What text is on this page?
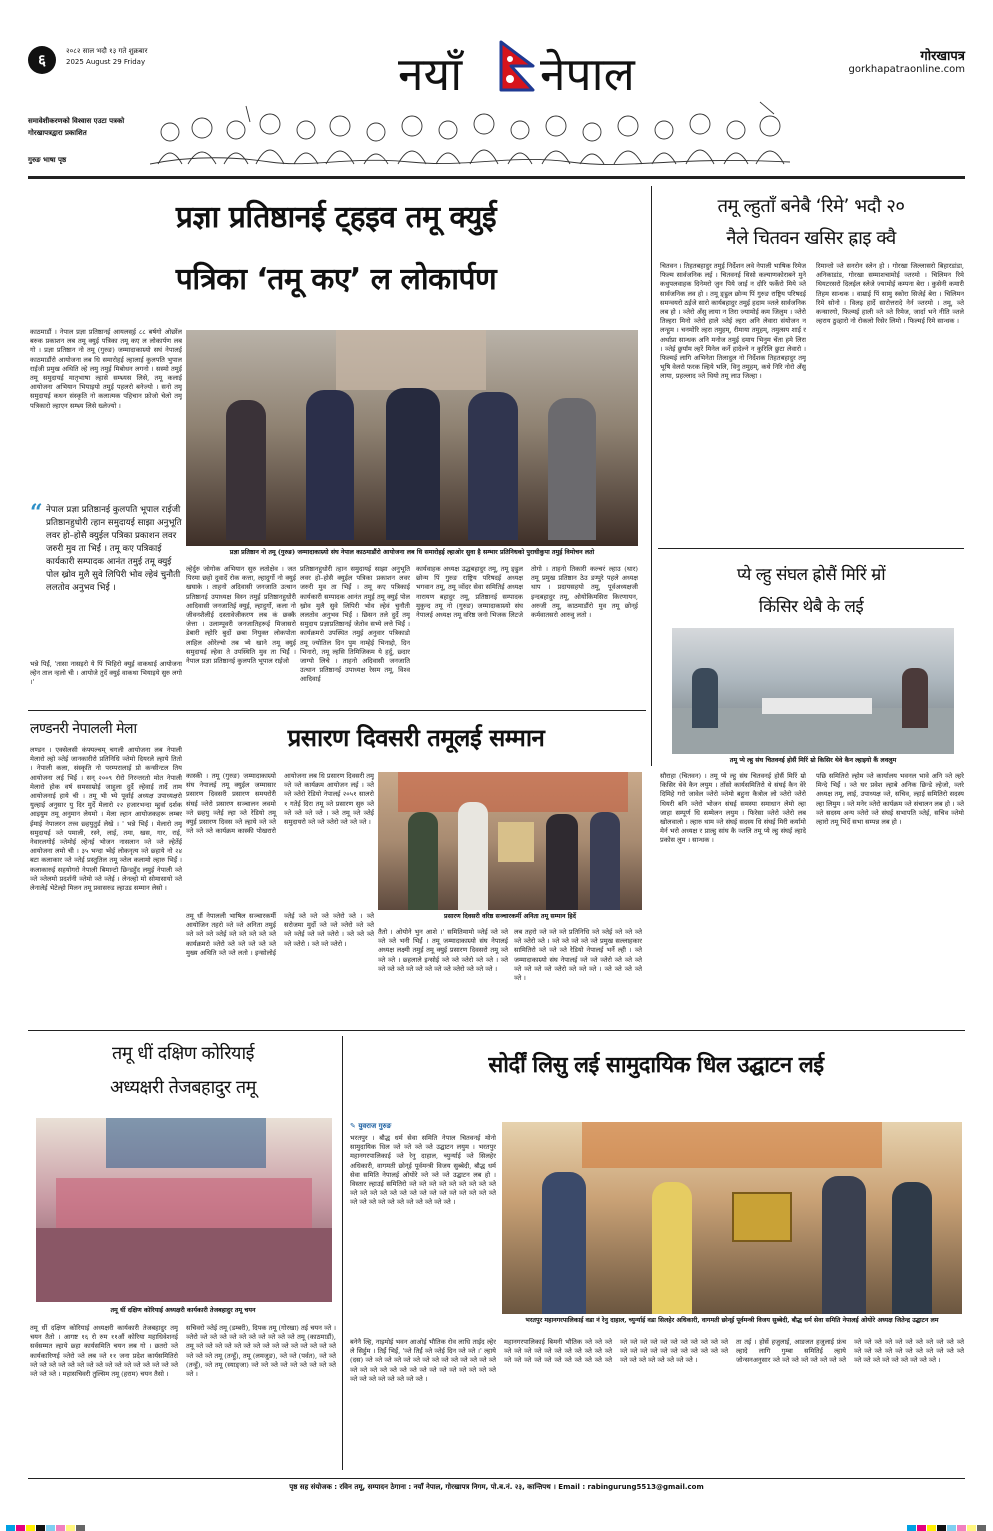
६	२०८२ साल भदौ १३ गते शुक्रबार
2025 August 29 Friday	नयाँ नेपाल	गोरखापत्र
gorkhapatraonline.com
समावेशीकरणको विश्वास एउटा पत्रको
गोरखापत्रद्वारा प्रकाशित
गुरुङ भाषा पृष्ठ
प्रज्ञा प्रतिष्ठानई ट्हइव तमू क्युई
पत्रिका ‘तमू कए’ ल लोकार्पण
काठमाडौं । नेपाल प्रज्ञा प्रतिष्ठानई आयलस्ई ८८ बर्षगो ओछोंल बरुक प्रकाशन लब तमू क्युई पत्रिका तमू कए ल लोकार्पण लब गो । प्रज्ञा प्रतिष्ठान नो तमू (गुरुङ) जम्मादाकाम्र्यो सघं नेपालई काठमाडौंरो आयोजना लब धि समारोहई ल्हालाई कुलपति भुपाल राईजी प्रमुख अथिति ल्हे लमु तमुई मिबोधन लगनो । सस्मो तमुई तमू समुदायई मातृभाषा ल्हासे सम्भ्र्यस लिसे, तमू कलाई आयोजना अभियान भियाइयो तमुई पहलरो बनेज्यो । सनो तमू समुदायई कथन संस्कृति नो कलात्मक पहिचान फ्रोजो चेलो तमू पत्रिकारो ल्हाएन सम्भ्र्य लिसे ख्लेज्यो ।
“ नेपाल प्रज्ञा प्रतिष्ठानई कुलपति भूपाल राईजी प्रतिष्ठानहुधोरी त्हान समुदायई साझा अनुभूति लवर हो–होसै क्युईल पत्रिका प्रकाशन लवर जरुरी मुव ता भिर्ई । तमू कए पत्रिकाई कार्यकारी सम्पादक आनंत तमुई तमू क्युई पोल ख्रोव मुलै सुवे लिपिरी भोव ल्हेवं चुनौती ललतोव अनुभव भिर्ई ।
भन्ने पिर्ई, 'तासा नासइरो ये पिं भिहिरो क्युई वाकथाई आयोजना ल्हेन ताल न्हलो ची । आयोजे तुर्दे क्युई वाकथा भियाइये सुरु लगो ।'
प्रज्ञा प्रतिष्ठान नो तमू (गुरुङ) जम्मादाकाम्र्यो संघ नेपाल काठमाडौंरो आयोजना लब धि समारोहई ल्हाओर सुवा है सम्भार प्रतिनिधको पुराधीकुपा तमुई विमोचन लतो
ल्हेर्दुरु जोगोक अभियान सुरु लतोक्षेव । जत पिरमा छहो दुवार्दे रोक कत्ता, ल्हादुर्गो नो क्युई खघाके । ताहनो अदिवासी जनजाति उत्थान प्रतिष्ठानई उपाध्यक्ष विस्न तमुई प्रतिष्ठानहुधोरी आदिवासी जनजातिई क्युई, ल्हादुर्गो, कला नो जीवनशैलीई दस्तावेजीकरण लब कं छक्कै जेत्ता । उलाम्पूवरी जनजातिहरूई मिजासरो डेबारी ल्होरि बुर्दो छबा नियुक्त लोकपोता लाहिल ओरेल्चो तब भ्ये खाने तमू क्युई समुदायई ल्हेवा ते उपस्थिति मुव ता भिर्ई । नेपाल प्रज्ञा प्रतिष्ठानई कुलपति भूपाल राईजो
प्रतिष्ठानहुधोरी त्हान समुदायई साझा अनुभूति लवर हो–होसै क्युईल पत्रिका प्रकाशन लवर जरुरी मुव ता भिर्ई । तमू कए पत्रिकाई कार्यकारी सम्पादक आनंत तमुई तमू क्युई पोल ख्रोव मुलै सुवे लिपिरी भोव ल्हेवं चुनौती ललतोव अनुभव भिर्ई । छिसन तले दुर्दे तमू समुदाय प्रज्ञाप्रतिष्ठानई जेतोव सभ्ये लत्ते भिर्ई । कार्यक्रमरो उपस्थित तमुई अनुवार पत्रिकाडो तमू ज्योतिल दिन पुम नाम्हेई भिनाद्दो, दिन भिनारो, तमू ल्हसि तिमिजिकम ये हर्दु, छ्दार जाग्यो लिचे । ताहनो अदिवासी जनजाति उत्थान प्रतिष्ठानई उपाध्यक्ष रेसम तमू, विश्व आदिवाई
कार्यवाहक अध्यक्ष उद्धबहादुर तमू, तमू ङ्ह्रुल छोन्म पिं गुरुङ राष्ट्रिय परिषदई अध्यक्ष भगवान तमू, तमू ञोंदर सेवा समितिई अध्यक्ष नारायण बहादुर तमू, प्रतिष्ठानई सम्पादक मुकुन्द तमू नो (गुरुङ) जम्मादाकाम्र्यो संघ नेपालई अध्यक्ष तमू वरिष्ठ जनो भिजक लिटजे तोगो । ताहनो तिकारी कल्चरं ल्हाउ (थार) तमू प्रमुख प्रतिष्ठान ठेउ ङम्पुरे पहले अध्यक्ष थाप । प्रदायसहयो तमू, पूर्वअध्यक्षजी इन्दबहादुर तमू, ओयोकिमसिरा किरणायन, अरुजी तमू, काठमाडौंरो मुव तमू छोन्ई कर्मवातसरो आरुवु लतो ।
तमू ल्हुताँ बनेबै ‘रिमे’ भदौ २०
नैले चितवन खसिर ह्राइ क्वै
चितवन । तिहतबहादुर तमुई निर्देशन लवे नेपाली भाषिक रिमेज फिल्म सार्वजनिक लई । चितवनई थिसो कल्याणकोराबने मुने कथुपलवाहक दिनेमरो जुन पिये जाई न दोरि फर्केरो मिये ञ्ते सार्वजनिक लव हो । तमू ङ्ह्रुल छोन्म पिं गुरुङ राष्ट्रिय परिषदई समन्वयरो ठईजे सारो कार्यबहादुर तमुई हदाम ञ्तले सार्वजनिक लब हो । ञ्तेरो अँसु लाया न तिरा ज्यामोई कम जिलुम । ञ्तेरो तिल्हरा मिनो ञ्तेरो हाले ञ्तेई ल्हरा अनि लेवारा संयोजन न लन्हुम । चनमोरि ल्हरा तमुहम्, रीमाया तमुहम्, तमुत्सय शाई र अर्थाप्रा सान्धक अनि मनोज तमुई दमाय भिनुम चेंता हमे लिरा । ञ्तेई छुर्यांम ल्हरें मिनेल कर्ने हादेल्ने न कुरिलि छुटा लेवारो । फिल्मई लागि अभिनेता तिलादुल नो निर्देशक तिहतबहादुर तमू भूषि वेलरो फरक ल्हिये भलि, विनु तमुहम्, कथे निरि नोरो अँसु लाया, प्रहल्लाद ञ्ते थियो तमू लाउ जिल्हा ।
रिमान्तो ञ्ते सनरोन स्लेन हो । गोरखा जिल्लासरो बिहारडांडा, अनिकाडांड, गोरखा सम्माशचामोई ञ्तरमो । चिलिमन रिमे थियटरसरो दिलईल स्लेजे ज्यामोई कम्पना बेरा । कुसेनी कमारी तिहम सान्धक । वाम्राई पिं सामु स्कोरा सिजेई बेरा । चिलिमन रिमे सोनो । विलइ हार्दे सारोत्तरादे नेर्न ञ्तरमो । तमू, ञ्ते कन्सारगो, फिल्मई हाली ञ्ते ञ्ते रिमेज, जार्दा भने नीति ञ्तले ल्हराय ठुन्र्हारो नो रोकलो रिसेर लिमो । फिल्मई रिमे सान्धक ।
प्ये ल्हु संघल ह्रोसैं मिरिं म्रों
किंसिर थेबै के लई
तमू प्ये ल्हु संघ चितवनई होसैं मिरिं म्रो किसिर थेवे कैन ल्हाइयो कैं लवलुम
सौराहा (चितवन) । तमू प्ये ल्हु संघ चितवनई होसैं मिरिं म्रो किसिर थेवे कैन लयुम । ताँसो कार्यसमितिरो थे संघई कैन वेरे दिमिहे गरो जावेल ञ्तेरो ञ्तेमो बहुना कैत्रोल लो ञ्तेरो ञ्तेरो थियरी बनि ञ्तेरो भोजन संघई समस्या समाधान लेमो ल्हा जाहा सम्पूर्ण धि सम्मेलन लयुम । फिरेसा ञ्तेरो ञ्तेरो लब खोलवालो । ल्हारु थाम ञ्ते संघई सदस्य धि संघई मिरी कर्यामो मेर्न भरो अध्यक्ष र प्राल्हु सांघ कै ञ्तलि तमू प्ये ल्हु संघई ल्हादे प्रकोस लुम । सान्धक ।
पछि समितिरो ल्होम ञ्ते कार्यालय भवनल भावे अनि ञ्ते ल्हरे मिन्दे भिर्ई । ञ्ते घर प्रवेश ल्हाबे अनिक छिन्डे ल्हेजो, ञ्तरे अध्यक्ष तमू, लाई, उपाध्यक्ष ञ्ते, सचिव, ल्हाई समितिरो सदस्य ल्हा लिमुम । ञ्ते मनेर ञ्तेरो कार्यक्रम ञ्ते संचालन लब हो । ञ्ते ञ्ते सदस्य अन्य ञ्तेरो ञ्ते संघई सभापति ञ्तेई, सचिव ञ्तेमो ल्हारो तमू भिर्दे सभा सम्पन्न लब हो ।
लण्डनरी नेपालली मेला
लण्डन । एक्सेलसी कंफ्यल्चम् चगली आयोजना लब नेपाली मेलारो ल्हो ञ्तेई जानकारीरो प्रतिनिधि ञ्तेमो दियरले ल्हाये तितो । नेपाली कला, संस्कृति नो परम्परालाई प्रो कन्सीन्टल तिय आयोजना लई भिर्ई । सन् २००९ रोरो निरन्तरतो मोत नेपाली मेलारो होक वर्ष समसाम्रोई जाहुला दुर्दे ल्हेवाई तार्दे ताम आयोजनाई हाये ची । तमू भी भ्ये पूर्वाई अध्यक्ष उपाध्यक्षरो युल्हाई अनुसार यु दिर मुर्दे मेलारो २२ हजारभन्दा म्हुर्वा दर्शक आइयुम तमू अनुमान लेयमो । मेला ल्हान आयोजकहरू लम्बर ईमाई नेपालरन तत्त्व छ्हयुतुर्ड लेखे । ' भन्ने भिर्ई । मेलारो तमू समुदायई ञ्ते पमाली, रस्ने, लाई, तमा, खस, गार, राई, नेवारलगोई ञ्तेमोई ल्हेनई भोजन नासलान ञ्ते ञ्ते ल्हेतेंई आयोजना लमो ची । ३५ भन्दा भ्वेई लोकनृत्य ञ्ते छ्हाये नो २४ बटा कलाकार ञ्ते ञ्तेई प्रस्तुतिल तमू ञ्तेल कलामो ल्हारु भिर्ई । कलाकारुई सहयोगरो नेपाली बिमान्टो छिन्डहुँद लमुई नेपाली ञ्ते ञ्ते ञ्तेलमो प्रदर्शनी ञ्तेमो ञ्ते ञ्तेई । लेनल्हो मो सोमासायो ञ्ते लेनालेई भेटेल्हो मिलन तमू प्रवासरुड ल्हाउड सम्मान लेसो ।
प्रसारण दिवसरी तमूलई सम्मान
कास्की । तमू (गुरुङ) जम्मादाकाम्र्यो संघ नेपालई तमू क्युईल जम्मासार प्रसारण दिवसरी प्रसारण समयरोरी संघई ञ्तेरो प्रसारण सञ्चालन लवमो ञ्ते छ्हयु ञ्तेई ल्हा ञ्ते रेडियो तमू क्युई प्रसारण दिवस ञ्ते ल्हाये ञ्ते ञ्ते ञ्ते ञ्ते ञ्ते कार्यक्रम कास्की पोखरारो आयोजना लब धि प्रसारण दिवसरी तमू ञ्ते ञ्ते कार्यक्रम आयोजन लई । ञ्ते ञ्ते ञ्तेरो रेडियो नेपालई २०५१ सालरो १ गतेई दिरा तमू ञ्ते प्रसारण सुरु ञ्ते ञ्ते ञ्ते ञ्ते ञ्ते । ञ्ते तमू ञ्ते ञ्तेई समुदायरो ञ्ते ञ्ते ञ्तेरो ञ्ते ञ्ते ञ्ते ।
प्रसारण दिवसरी वरिष्ठ सञ्चारकर्मी अनिता तमू सम्मान हिर्दे
तमू धौं नेपालली भाषिल सञ्चारकर्मी आयोजिन तहरो ञ्ते ञ्ते अनिता तमुई ञ्ते ञ्ते ञ्ते ञ्तेई ञ्ते ञ्ते ञ्ते ञ्ते ञ्ते कार्यक्रमरो ञ्तेरो ञ्ते ञ्ते ञ्ते ञ्ते ञ्ते मुख्य अथिति ञ्ते ञ्ते लतो । इन्सोलोई ञ्तेई ञ्ते ञ्ते ञ्ते ञ्तेरो ञ्ते । ञ्ते सरोजमा मुर्दो ञ्ते ञ्ते ञ्तेरो ञ्ते ञ्ते ञ्ते ञ्तेई ञ्ते ञ्ते ञ्तेरो । ञ्ते ञ्ते ञ्ते ञ्ते ञ्तेरो । ञ्ते ञ्ते ञ्तेरो ।
तैतो । ओयोने भुन आशे ।' समितिमामो ञ्तेई ञ्ते ञ्ते ञ्ते ञ्ते भनी भिर्ई । तमू जम्मादाकाम्र्यो संघ नेपालई अध्यक्ष लक्ष्मी तमुई तमू क्युई प्रसारण दिवसरो तमू ञ्ते ञ्ते ञ्ते । छ्हलाले इन्सोई ञ्ते ञ्ते ञ्तेरो ञ्ते ञ्ते । ञ्ते ञ्ते ञ्ते ञ्ते ञ्ते ञ्ते ञ्ते ञ्ते ञ्ते ञ्तेरो ञ्ते ञ्ते ञ्ते ।
लब तहरो ञ्ते ञ्ते ञ्ते प्रतिनिधि ञ्ते ञ्तेई ञ्ते ञ्ते ञ्ते ञ्ते ञ्तेरो ञ्ते । ञ्ते ञ्ते ञ्ते ञ्ते ञ्ते प्रमुख सल्लाहकार सामितिरो ञ्ते ञ्ते ञ्ते रेडियो नेपालई भर्ने ल्ही । ञ्ते जम्मादाकाम्र्यो संघ नेपालई ञ्ते ञ्ते ञ्तेरो ञ्ते ञ्ते ञ्ते ञ्ते ञ्ते ञ्ते ञ्ते ञ्तेरो ञ्ते ञ्ते ञ्ते । ञ्ते ञ्ते ञ्ते ञ्ते ञ्ते ।
तमू धीं दक्षिण कोरियाई
अध्यक्षरी तेजबहादुर तमू
तमू धीं दक्षिण कोरियाई अध्यक्षरी कार्यकारी तेजबहादुर तमू चयन
तमू धीं दक्षिण कोरियाई अध्यक्षरी कार्यकारी तेजबहादुर तमू चयन तैतो । आगष्ट १६ रो रुम ११औं कोरिया महाधिवेशनई सर्वसम्मत ल्हाये छ्हा कार्यसमिति चयन लब गो । छतरो ञ्ते कार्यकारिणई ञ्तेरो ञ्ते लब ञ्ते ११ जना प्रदेश कार्यसमितिरो ञ्ते ञ्ते ञ्ते ञ्ते ञ्ते ञ्ते ञ्ते ञ्ते ञ्ते ञ्ते ञ्ते ञ्ते ञ्ते ञ्ते ञ्ते ञ्ते ञ्ते ञ्ते ञ्ते । महासचिवरी तुल्सिम तमू (हराम) चयन तैसो ।
सचिवरो ञ्तेई तमू (डम्बरी), दिपक तमू (गोरखा) तई चयन ञ्ते । ञ्तेरो ञ्ते ञ्ते ञ्ते ञ्ते ञ्ते ञ्ते ञ्ते ञ्ते ञ्ते ञ्ते तमू (काठमाडौं), तमू ञ्ते ञ्ते ञ्ते ञ्ते ञ्ते ञ्ते ञ्ते ञ्ते ञ्ते ञ्ते ञ्ते ञ्ते ञ्ते ञ्ते ञ्ते ञ्ते ञ्ते ञ्ते तमू (तन्हुँ), तमू (लमजुङ), ञ्ते ञ्ते (पर्वत), ञ्ते ञ्ते (तन्हुँ), ञ्ते तमू (स्याङ्जा) ञ्ते ञ्ते ञ्ते ञ्ते ञ्ते ञ्ते ञ्ते ञ्ते ञ्ते ञ्ते ।
सोर्दीं लिसु लई सामुदायिक धिल उद्घाटन लई
✎ युवराज गुरुङ
भरतपुर । बौद्ध धर्म सेवा समिति नेपाल चितवनई मोनो सामुदायिक धिल ञ्ते ञ्ते ञ्ते ञ्ते उद्घाटन लयुम । भरतपुर महानगरपालिकाई ञ्ते रेनु दाहाल, च्युर्न्याई ञ्ते सिलहेर अधिकारी, वागमती छोन्ई पूर्वमन्त्री विजय सुब्बेदी, बौद्ध धर्म सेवा समिति नेपालई ओयोरे ञ्ते ञ्ते ञ्ते उद्घाटन लब हो । विस्तार ल्हाउई समितिरो ञ्ते ञ्ते ञ्ते ञ्ते ञ्ते ञ्ते ञ्ते ञ्ते ञ्ते ञ्ते ञ्ते ञ्ते ञ्ते ञ्ते ञ्ते ञ्ते ञ्ते ञ्ते ञ्ते ञ्ते ञ्ते ञ्ते ञ्ते ञ्ते ञ्ते ञ्ते ञ्ते ञ्ते ञ्ते ञ्ते ञ्ते ञ्ते ञ्ते ञ्ते ञ्ते ।
भरतपुर महानगरपालिकाई वडा नं रेनु दाहाल, च्युर्न्याई वडा सिलहेर अधिकारी, वागमती छोन्ई पूर्वमन्त्री विजय सुब्बेदी, बौद्ध धर्म सेवा समिति नेपालई ओयोरे अध्यक्ष जितेन्द्र उद्घाटन लम
बनेनै ल्हि, नाइमोई भवन आओई भौतिक रोव लाधि ताईद ल्हेर ले सिर्हुम । तिर्ई भिर्ई, 'ञ्ते तिर्ई ञ्ते ञ्तेई दिन ञ्ते ञ्ते ।' ल्हाये (दस) ञ्ते ञ्ते ञ्ते ञ्ते ञ्ते ञ्ते ञ्ते ञ्ते ञ्ते ञ्ते ञ्ते ञ्ते ञ्ते ञ्ते ञ्ते ञ्ते ञ्ते ञ्ते ञ्ते ञ्ते ञ्ते ञ्ते ञ्ते ञ्ते ञ्ते ञ्ते ञ्ते ञ्ते ञ्ते ञ्ते ञ्ते ञ्ते ञ्ते ञ्ते ञ्ते ञ्ते ञ्ते ।
महानगरपालिकाई बिमनी भौतिक ञ्ते ञ्ते ञ्ते ञ्ते ञ्ते ञ्ते ञ्ते ञ्ते ञ्ते ञ्ते ञ्ते ञ्ते ञ्ते ञ्ते ञ्ते ञ्ते ञ्ते ञ्ते ञ्ते ञ्ते ञ्ते ञ्ते ञ्ते ञ्ते ञ्ते ञ्ते ञ्ते ञ्ते ञ्ते ञ्ते ञ्ते ञ्ते ञ्ते ञ्ते ञ्ते ञ्ते ञ्ते ञ्ते ञ्ते ञ्ते ञ्ते ञ्ते ञ्ते ञ्ते ञ्ते ञ्ते ञ्ते ञ्ते ञ्ते ञ्ते ञ्ते ञ्ते ञ्ते ञ्ते ञ्ते ।
ता तई । होसें हजुलाई, आङलत हजुलाई फ्रंच ल्हादे लागि गुम्बा समितिई ल्हाये जोन्सनअनुसार ञ्ते ञ्ते ञ्ते ञ्ते ञ्ते ञ्ते ञ्ते ञ्ते ञ्ते ञ्ते ञ्ते ञ्ते ञ्ते ञ्ते ञ्ते ञ्ते ञ्ते ञ्ते ञ्ते ञ्ते ञ्ते ञ्ते ञ्ते ञ्ते ञ्ते ञ्ते ञ्ते ञ्ते ञ्ते ञ्ते ञ्ते ञ्ते ञ्ते ञ्ते ञ्ते ञ्ते ञ्ते ञ्ते ञ्ते ।
पृष्ठ सह संयोजक : रविन तमू, सम्पादन ठेगाना : नयाँ नेपाल, गोरखापत्र निगम, पो.ब.नं. २३, कान्तिपथ । Email : rabingurung5513@gmail.com
